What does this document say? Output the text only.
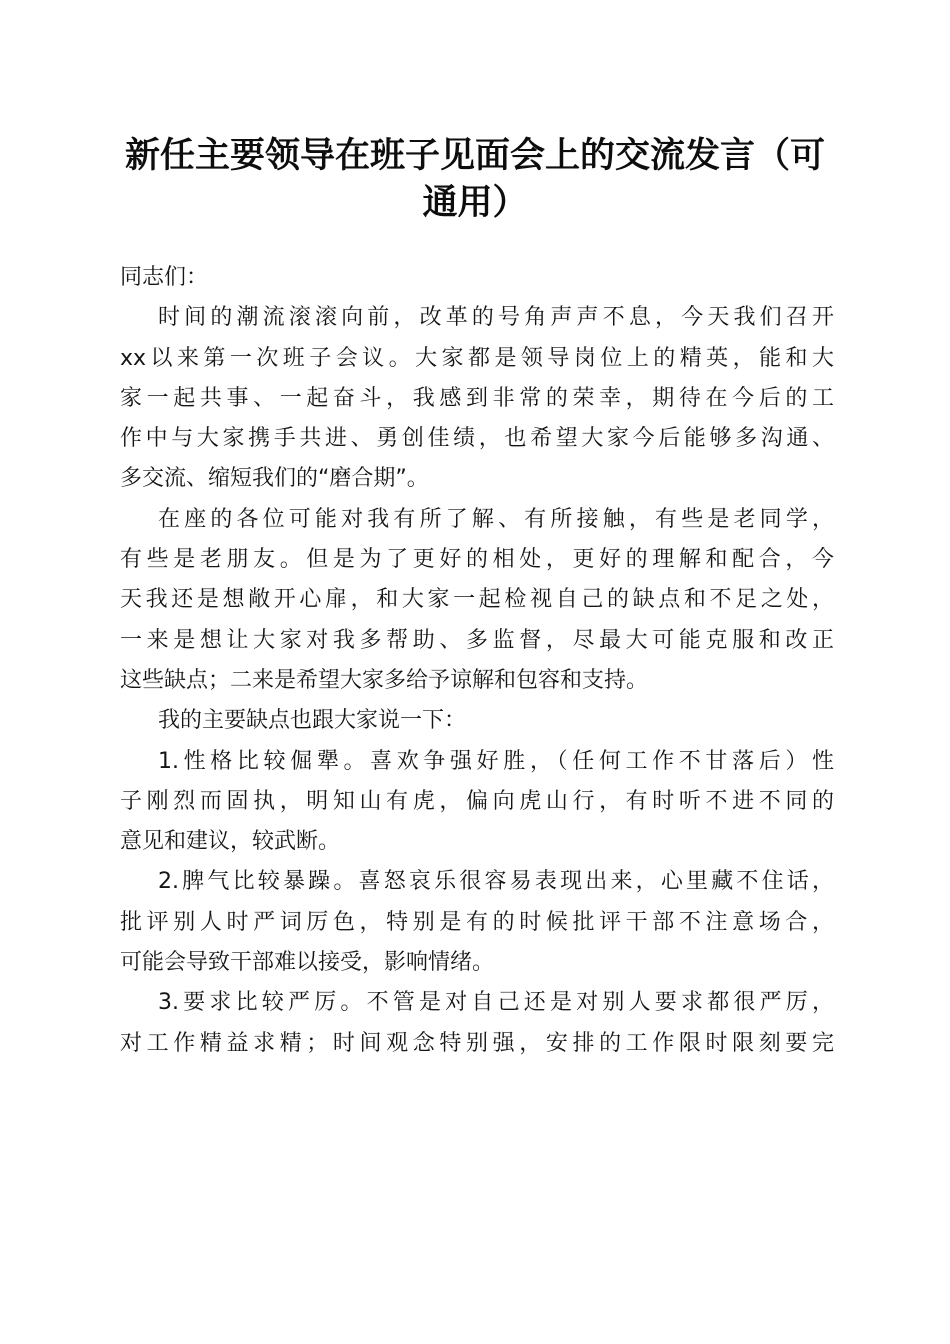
新任主要领导在班子见面会上的交流发言（可
通用）
同志们：
时间的潮流滚滚向前，改革的号角声声不息，今天我们召开
xx以来第一次班子会议。大家都是领导岗位上的精英，能和大
家一起共事、一起奋斗，我感到非常的荣幸，期待在今后的工
作中与大家携手共进、勇创佳绩，也希望大家今后能够多沟通、
多交流、缩短我们的“磨合期”。
在座的各位可能对我有所了解、有所接触，有些是老同学，
有些是老朋友。但是为了更好的相处，更好的理解和配合，今
天我还是想敞开心扉，和大家一起检视自己的缺点和不足之处，
一来是想让大家对我多帮助、多监督，尽最大可能克服和改正
这些缺点；二来是希望大家多给予谅解和包容和支持。
我的主要缺点也跟大家说一下：
1.性格比较倔犟。喜欢争强好胜，（任何工作不甘落后）性
子刚烈而固执，明知山有虎，偏向虎山行，有时听不进不同的
意见和建议，较武断。
2.脾气比较暴躁。喜怒哀乐很容易表现出来，心里藏不住话，
批评别人时严词厉色，特别是有的时候批评干部不注意场合，
可能会导致干部难以接受，影响情绪。
3.要求比较严厉。不管是对自己还是对别人要求都很严厉，
对工作精益求精；时间观念特别强，安排的工作限时限刻要完
